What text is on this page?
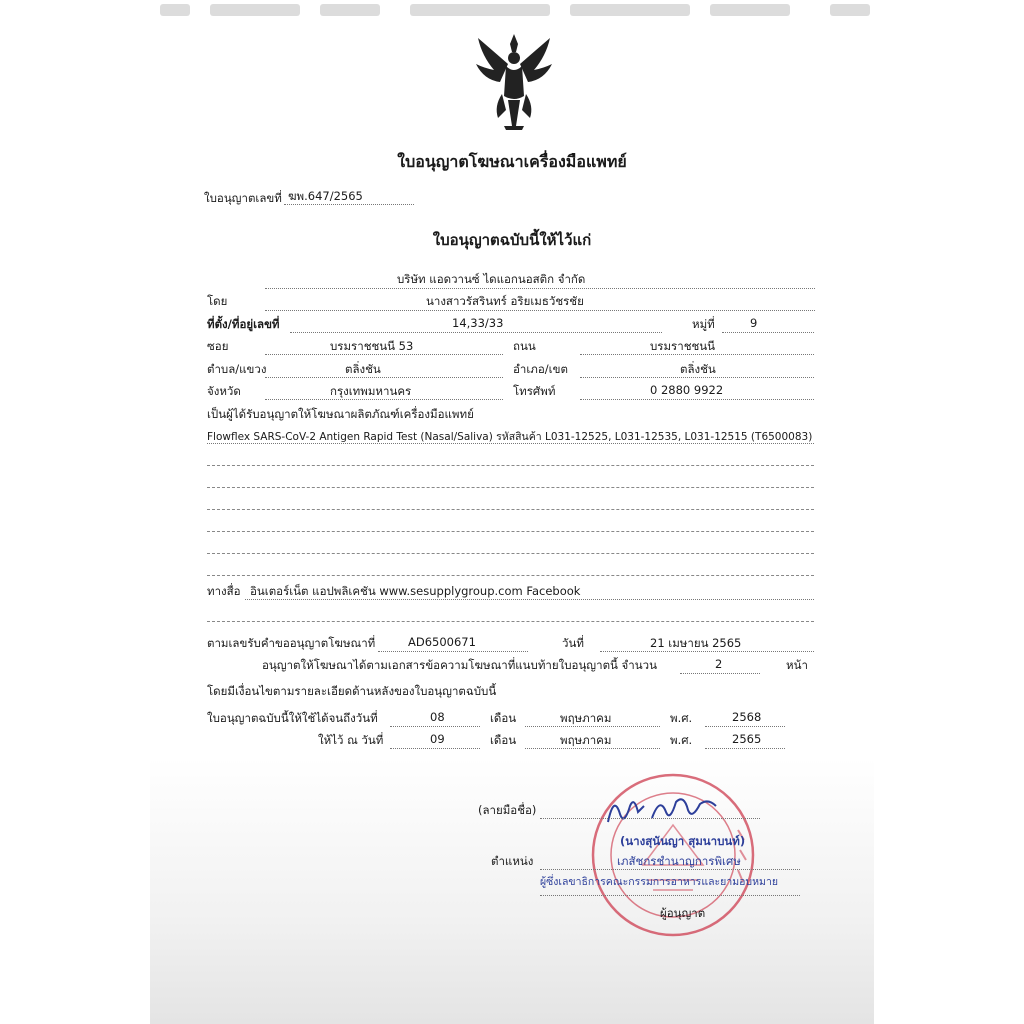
ใบอนุญาตโฆษณาเครื่องมือแพทย์
ใบอนุญาตเลขที่ ฆพ.647/2565
ใบอนุญาตฉบับนี้ให้ไว้แก่
บริษัท แอดวานซ์ ไดแอกนอสติก จำกัด
โดย	นางสาวรัสรินทร์ อริยเมธวัชรชัย
ที่ตั้ง/ที่อยู่เลขที่	14,33/33	หมู่ที่	9
ซอย	บรมราชชนนี 53	ถนน	บรมราชชนนี
ตำบล/แขวง	ตลิ่งชัน	อำเภอ/เขต	ตลิ่งชัน
จังหวัด	กรุงเทพมหานคร	โทรศัพท์	0 2880 9922
เป็นผู้ได้รับอนุญาตให้โฆษณาผลิตภัณฑ์เครื่องมือแพทย์
Flowflex SARS-CoV-2 Antigen Rapid Test (Nasal/Saliva) รหัสสินค้า L031-12525, L031-12535, L031-12515 (T6500083)
ทางสื่อ อินเตอร์เน็ต แอปพลิเคชัน www.sesupplygroup.com Facebook
ตามเลขรับคำขออนุญาตโฆษณาที่	AD6500671	วันที่	21 เมษายน 2565
อนุญาตให้โฆษณาได้ตามเอกสารข้อความโฆษณาที่แนบท้ายใบอนุญาตนี้ จำนวน	2	หน้า
โดยมีเงื่อนไขตามรายละเอียดด้านหลังของใบอนุญาตฉบับนี้
ใบอนุญาตฉบับนี้ให้ใช้ได้จนถึงวันที่	08	เดือน	พฤษภาคม	พ.ศ.	2568
ให้ไว้ ณ วันที่	09	เดือน	พฤษภาคม	พ.ศ.	2565
(ลายมือชื่อ)
(นางสุนันญา สุมนาบนท์)
เภสัชกรชำนาญการพิเศษ
ตำแหน่ง
ผู้ซึ่งเลขาธิการคณะกรรมการอาหารและยามอบหมาย
ผู้อนุญาต
